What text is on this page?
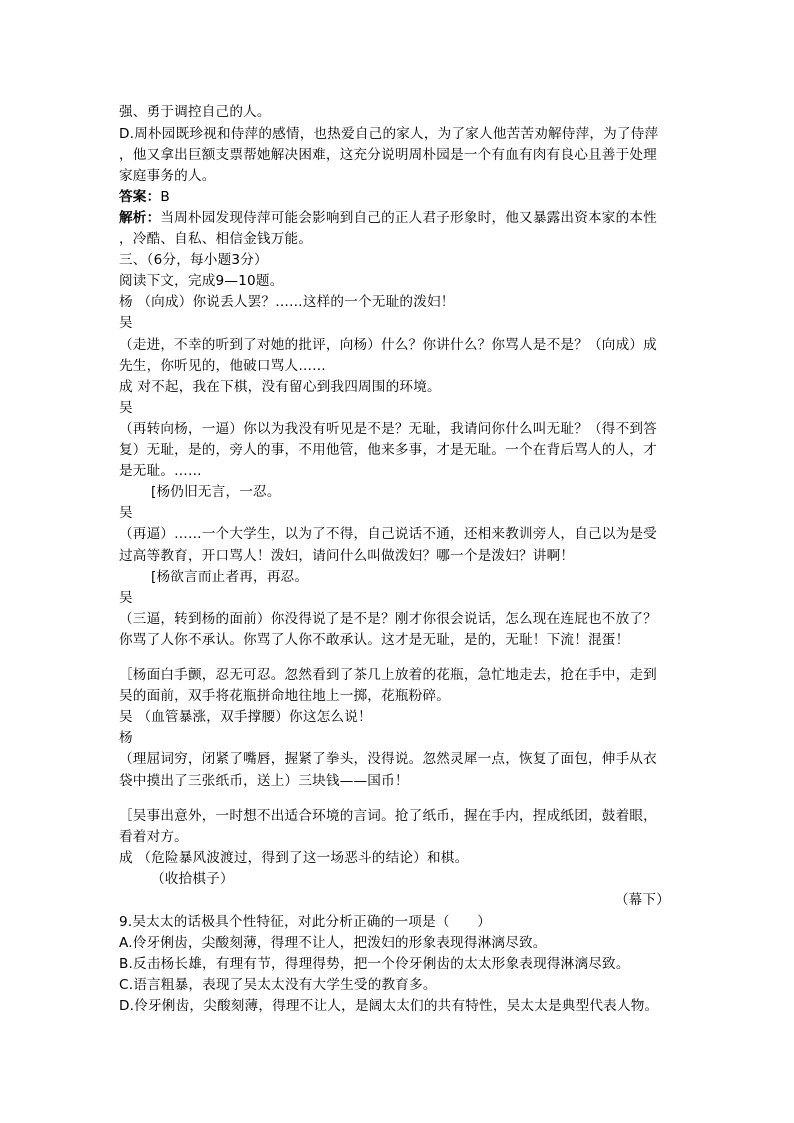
强、勇于调控自己的人。
D.周朴园既珍视和侍萍的感情，也热爱自己的家人，为了家人他苦苦劝解侍萍，为了侍萍
，他又拿出巨额支票帮她解决困难，这充分说明周朴园是一个有血有肉有良心且善于处理
家庭事务的人。
答案：B
解析：当周朴园发现侍萍可能会影响到自己的正人君子形象时，他又暴露出资本家的本性
，冷酷、自私、相信金钱万能。
三、（6分，每小题3分）
阅读下文，完成9—10题。
杨 （向成）你说丢人罢？……这样的一个无耻的泼妇！
吴
（走进，不幸的听到了对她的批评，向杨）什么？你讲什么？你骂人是不是？（向成）成
先生，你听见的，他破口骂人……
成 对不起，我在下棋，没有留心到我四周围的环境。
吴
（再转向杨，一逼）你以为我没有听见是不是？无耻，我请问你什么叫无耻？（得不到答
复）无耻，是的，旁人的事，不用他管，他来多事，才是无耻。一个在背后骂人的人，才
是无耻。……
[杨仍旧无言，一忍。
吴
（再逼）……一个大学生，以为了不得，自己说话不通，还相来教训旁人，自己以为是受
过高等教育，开口骂人！泼妇，请问什么叫做泼妇？哪一个是泼妇？讲啊！
[杨欲言而止者再，再忍。
吴
（三逼，转到杨的面前）你没得说了是不是？刚才你很会说话，怎么现在连屁也不放了？
你骂了人你不承认。你骂了人你不敢承认。这才是无耻，是的，无耻！下流！混蛋！
［杨面白手颤，忍无可忍。忽然看到了茶几上放着的花瓶，急忙地走去，抢在手中，走到
吴的面前，双手将花瓶拼命地往地上一掷，花瓶粉碎。
吴 （血管暴涨，双手撑腰）你这怎么说！
杨
（理屈词穷，闭紧了嘴唇，握紧了拳头，没得说。忽然灵犀一点，恢复了面包，伸手从衣
袋中摸出了三张纸币，送上）三块钱——国币！
［吴事出意外，一时想不出适合环境的言词。抢了纸币，握在手内，捏成纸团，鼓着眼，
看着对方。
成 （危险暴风波渡过，得到了这一场恶斗的结论）和棋。
（收拾棋子）
（幕下）
9.吴太太的话极具个性特征，对此分析正确的一项是（　　）
A.伶牙俐齿，尖酸刻薄，得理不让人，把泼妇的形象表现得淋漓尽致。
B.反击杨长雄，有理有节，得理得势，把一个伶牙俐齿的太太形象表现得淋漓尽致。
C.语言粗暴，表现了吴太太没有大学生受的教育多。
D.伶牙俐齿，尖酸刻薄，得理不让人，是阔太太们的共有特性，吴太太是典型代表人物。
